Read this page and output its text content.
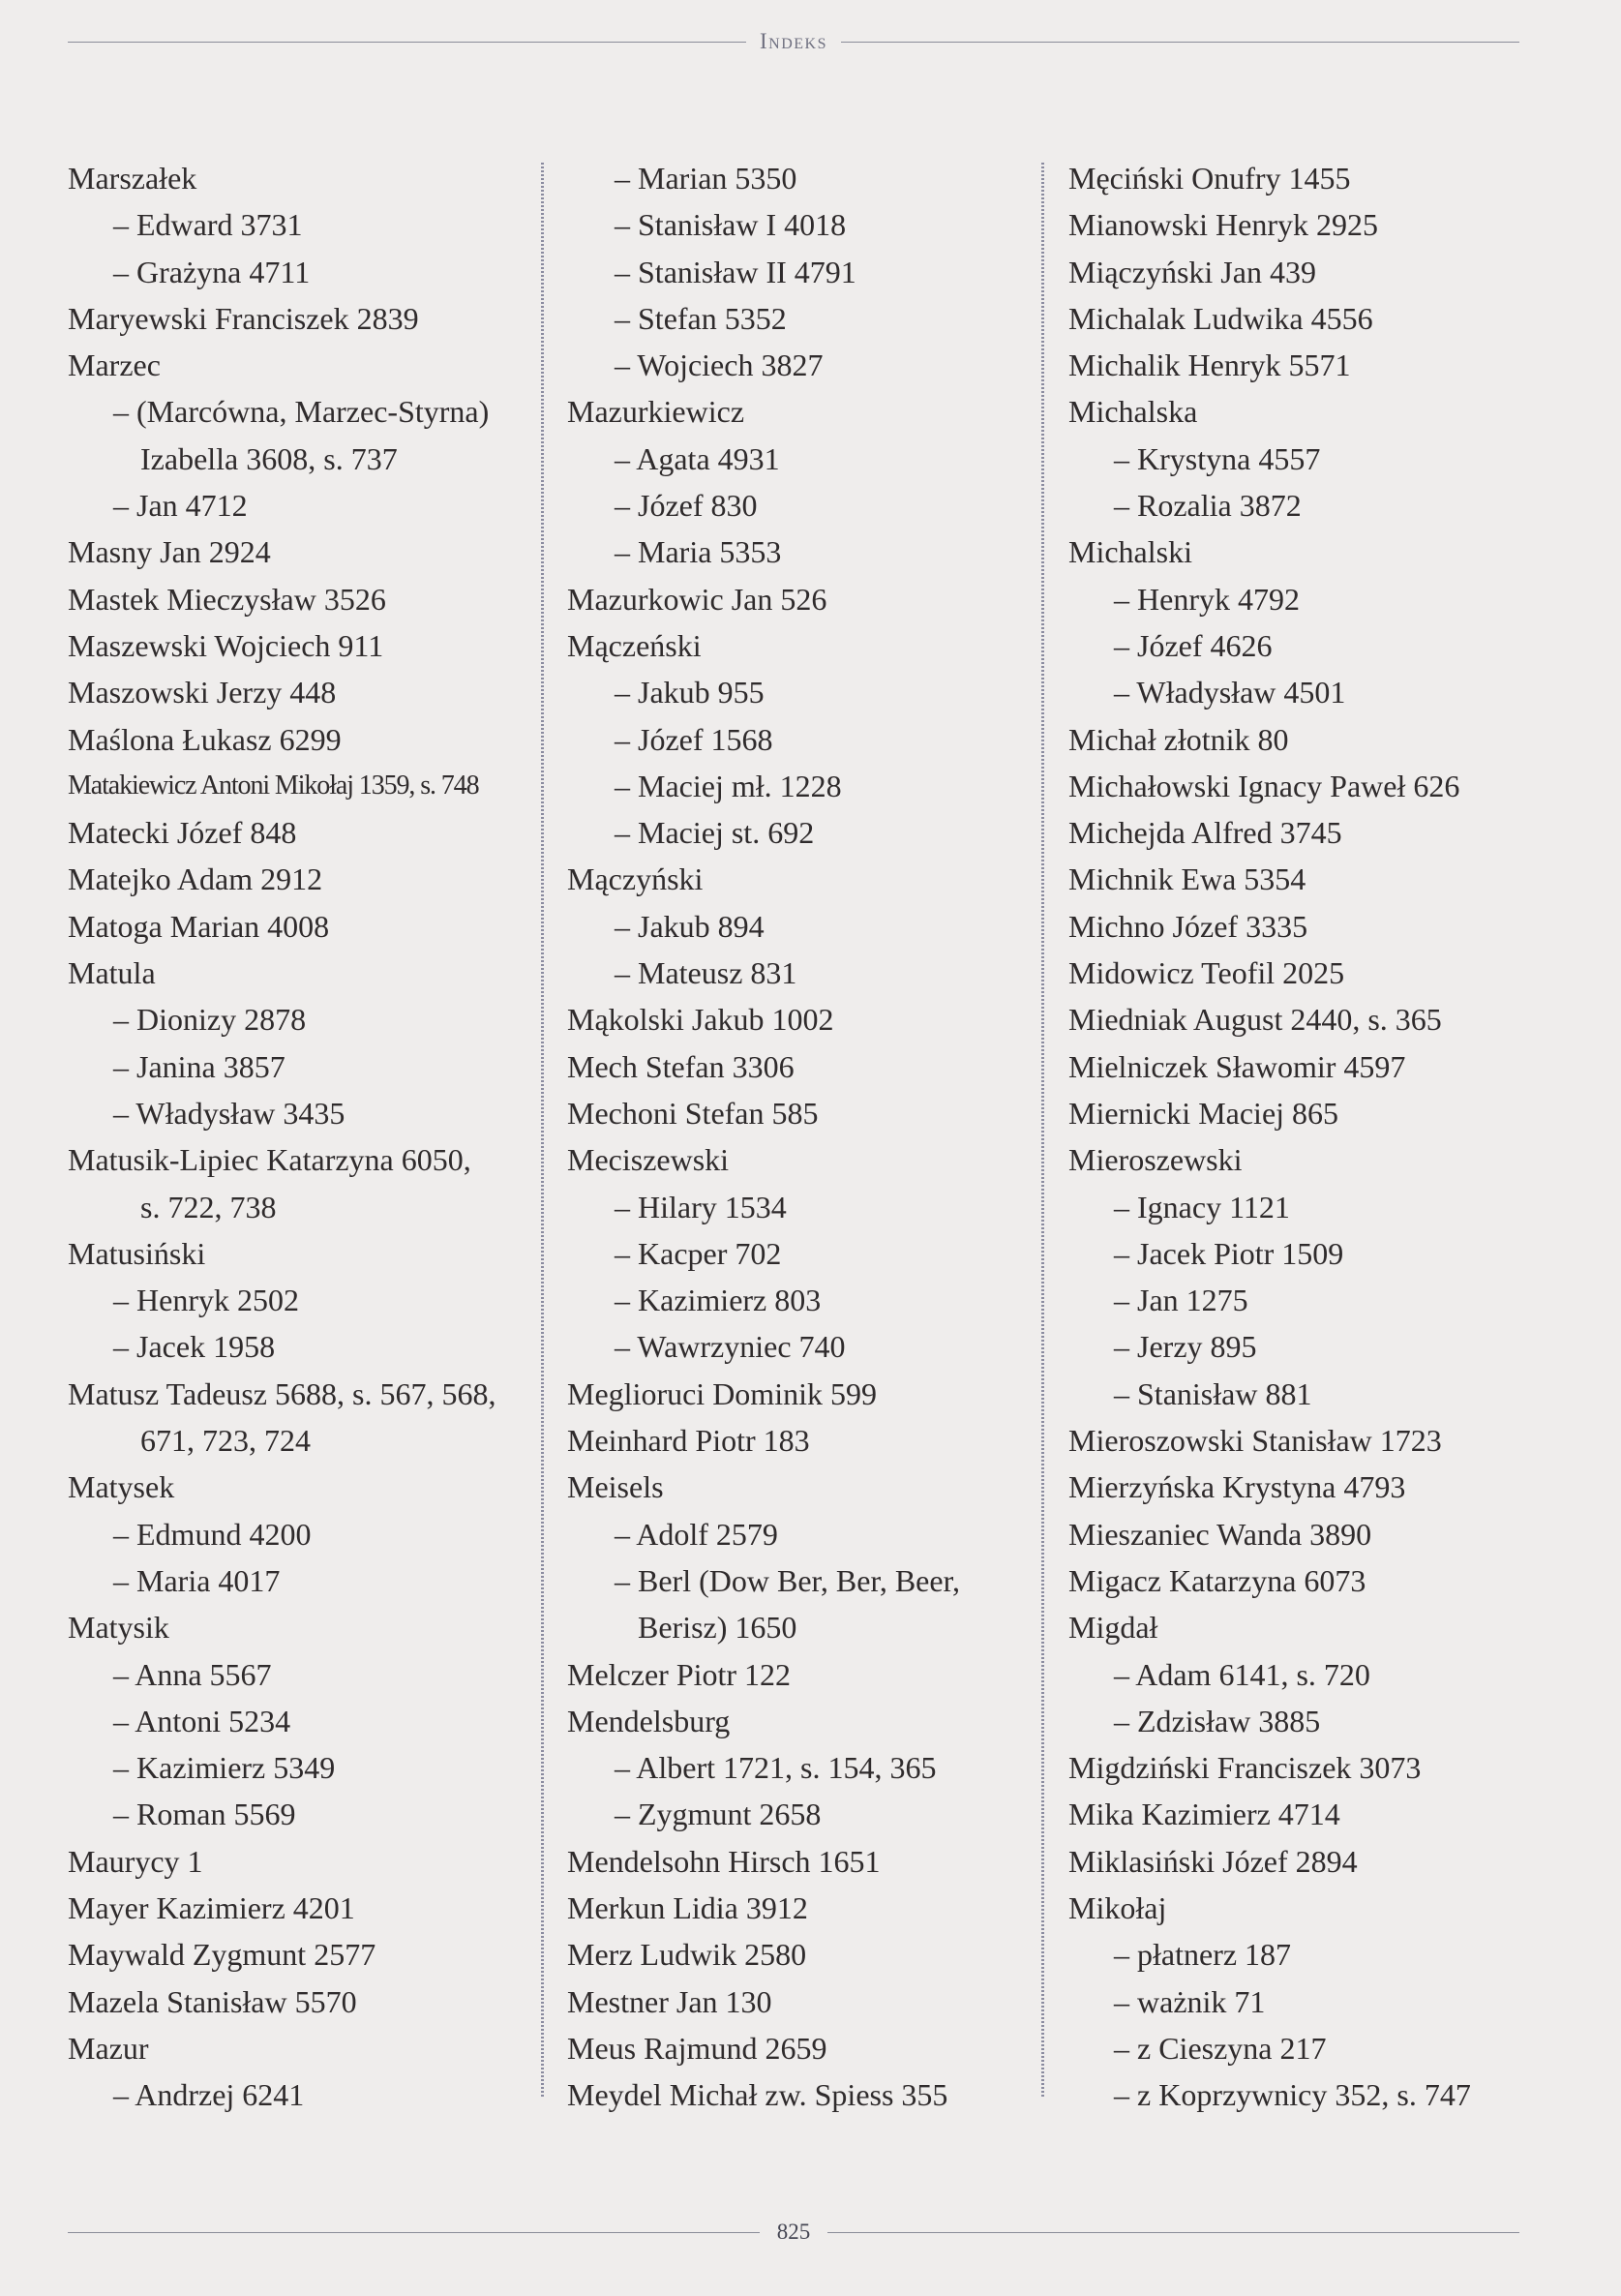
Indeks

Marszałek

– Edward 3731

– Grażyna 4711

Maryewski Franciszek 2839

Marzec

– (Marcówna, Marzec-Styrna)

Izabella 3608, s. 737

– Jan 4712

Masny Jan 2924

Mastek Mieczysław 3526

Maszewski Wojciech 911

Maszowski Jerzy 448

Maślona Łukasz 6299

Matakiewicz Antoni Mikołaj 1359, s. 748

Matecki Józef 848

Matejko Adam 2912

Matoga Marian 4008

Matula

– Dionizy 2878

– Janina 3857

– Władysław 3435

Matusik-Lipiec Katarzyna 6050,

s. 722, 738

Matusiński

– Henryk 2502

– Jacek 1958

Matusz Tadeusz 5688, s. 567, 568,

671, 723, 724

Matysek

– Edmund 4200

– Maria 4017

Matysik

– Anna 5567

– Antoni 5234

– Kazimierz 5349

– Roman 5569

Maurycy 1

Mayer Kazimierz 4201

Maywald Zygmunt 2577

Mazela Stanisław 5570

Mazur

– Andrzej 6241

– Marian 5350

– Stanisław I 4018

– Stanisław II 4791

– Stefan 5352

– Wojciech 3827

Mazurkiewicz

– Agata 4931

– Józef 830

– Maria 5353

Mazurkowic Jan 526

Mączeński

– Jakub 955

– Józef 1568

– Maciej mł. 1228

– Maciej st. 692

Mączyński

– Jakub 894

– Mateusz 831

Mąkolski Jakub 1002

Mech Stefan 3306

Mechoni Stefan 585

Meciszewski

– Hilary 1534

– Kacper 702

– Kazimierz 803

– Wawrzyniec 740

Meglioruci Dominik 599

Meinhard Piotr 183

Meisels

– Adolf 2579

– Berl (Dow Ber, Ber, Beer,

Berisz) 1650

Melczer Piotr 122

Mendelsburg

– Albert 1721, s. 154, 365

– Zygmunt 2658

Mendelsohn Hirsch 1651

Merkun Lidia 3912

Merz Ludwik 2580

Mestner Jan 130

Meus Rajmund 2659

Meydel Michał zw. Spiess 355

Męciński Onufry 1455

Mianowski Henryk 2925

Miączyński Jan 439

Michalak Ludwika 4556

Michalik Henryk 5571

Michalska

– Krystyna 4557

– Rozalia 3872

Michalski

– Henryk 4792

– Józef 4626

– Władysław 4501

Michał złotnik 80

Michałowski Ignacy Paweł 626

Michejda Alfred 3745

Michnik Ewa 5354

Michno Józef 3335

Midowicz Teofil 2025

Miedniak August 2440, s. 365

Mielniczek Sławomir 4597

Miernicki Maciej 865

Mieroszewski

– Ignacy 1121

– Jacek Piotr 1509

– Jan 1275

– Jerzy 895

– Stanisław 881

Mieroszowski Stanisław 1723

Mierzyńska Krystyna 4793

Mieszaniec Wanda 3890

Migacz Katarzyna 6073

Migdał

– Adam 6141, s. 720

– Zdzisław 3885

Migdziński Franciszek 3073

Mika Kazimierz 4714

Miklasiński Józef 2894

Mikołaj

– płatnerz 187

– ważnik 71

– z Cieszyna 217

– z Koprzywnicy 352, s. 747

825
